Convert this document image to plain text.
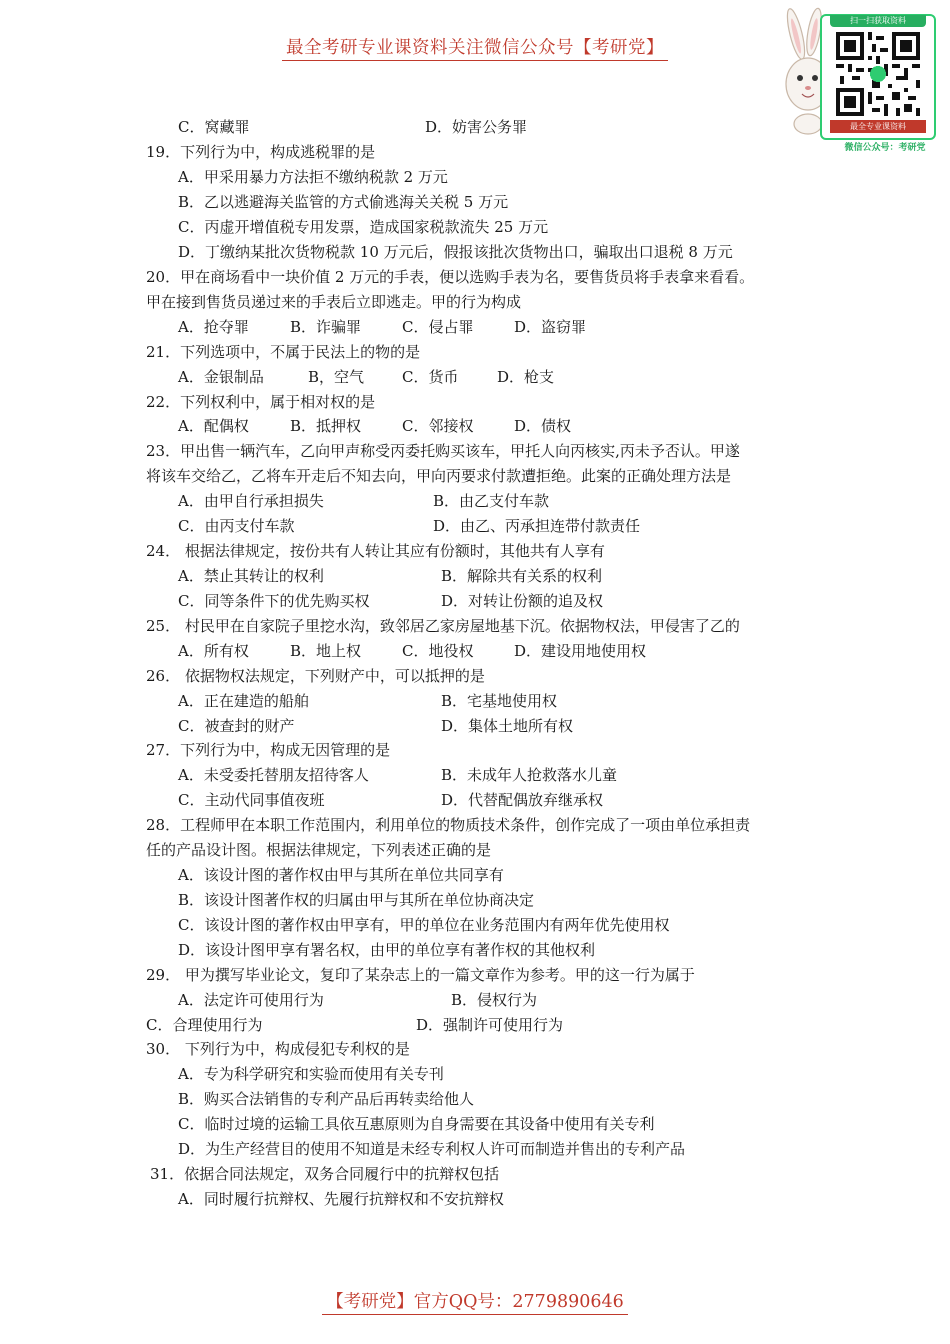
最全考研专业课资料关注微信公众号【考研党】
扫一扫获取资料
最全专业课资料
微信公众号：考研党
C．窝藏罪	D．妨害公务罪
19．下列行为中，构成逃税罪的是
A．甲采用暴力方法拒不缴纳税款 2 万元
B．乙以逃避海关监管的方式偷逃海关关税 5 万元
C．丙虚开增值税专用发票，造成国家税款流失 25 万元
D．丁缴纳某批次货物税款 10 万元后，假报该批次货物出口，骗取出口退税 8 万元
20．甲在商场看中一块价值 2 万元的手表，便以选购手表为名，要售货员将手表拿来看看。
甲在接到售货员递过来的手表后立即逃走。甲的行为构成
A．抢夺罪	B．诈骗罪	C．侵占罪	D．盗窃罪
21．下列选项中，不属于民法上的物的是
A．金银制品	B，空气	C．货币	D．枪支
22．下列权利中，属于相对权的是
A．配偶权	B．抵押权	C．邻接权	D．债权
23．甲出售一辆汽车，乙向甲声称受丙委托购买该车，甲托人向丙核实,丙未予否认。甲遂
将该车交给乙，乙将车开走后不知去向，甲向丙要求付款遭拒绝。此案的正确处理方法是
A．由甲自行承担损失	B．由乙支付车款
C．由丙支付车款	D．由乙、丙承担连带付款责任
24． 根据法律规定，按份共有人转让其应有份额时，其他共有人享有
A．禁止其转让的权利	B．解除共有关系的权利
C．同等条件下的优先购买权	D．对转让份额的追及权
25． 村民甲在自家院子里挖水沟，致邻居乙家房屋地基下沉。依据物权法，甲侵害了乙的
A．所有权	B．地上权	C．地役权	D．建设用地使用权
26． 依据物权法规定，下列财产中，可以抵押的是
A．正在建造的船舶	B．宅基地使用权
C．被查封的财产	D．集体土地所有权
27．下列行为中，构成无因管理的是
A．未受委托替朋友招待客人	B．未成年人抢救落水儿童
C．主动代同事值夜班	D．代替配偶放弃继承权
28．工程师甲在本职工作范围内，利用单位的物质技术条件，创作完成了一项由单位承担责
任的产品设计图。根据法律规定，下列表述正确的是
A．该设计图的著作权由甲与其所在单位共同享有
B．该设计图著作权的归属由甲与其所在单位协商决定
C．该设计图的著作权由甲享有，甲的单位在业务范围内有两年优先使用权
D．该设计图甲享有署名权，由甲的单位享有著作权的其他权利
29． 甲为撰写毕业论文，复印了某杂志上的一篇文章作为参考。甲的这一行为属于
A．法定许可使用行为	B．侵权行为
C．合理使用行为	D．强制许可使用行为
30． 下列行为中，构成侵犯专利权的是
A．专为科学研究和实验而使用有关专刊
B．购买合法销售的专利产品后再转卖给他人
C．临时过境的运输工具依互惠原则为自身需要在其设备中使用有关专利
D．为生产经营目的使用不知道是未经专利权人许可而制造并售出的专利产品
31．依据合同法规定，双务合同履行中的抗辩权包括
A．同时履行抗辩权、先履行抗辩权和不安抗辩权
【考研党】官方QQ号：2779890646
